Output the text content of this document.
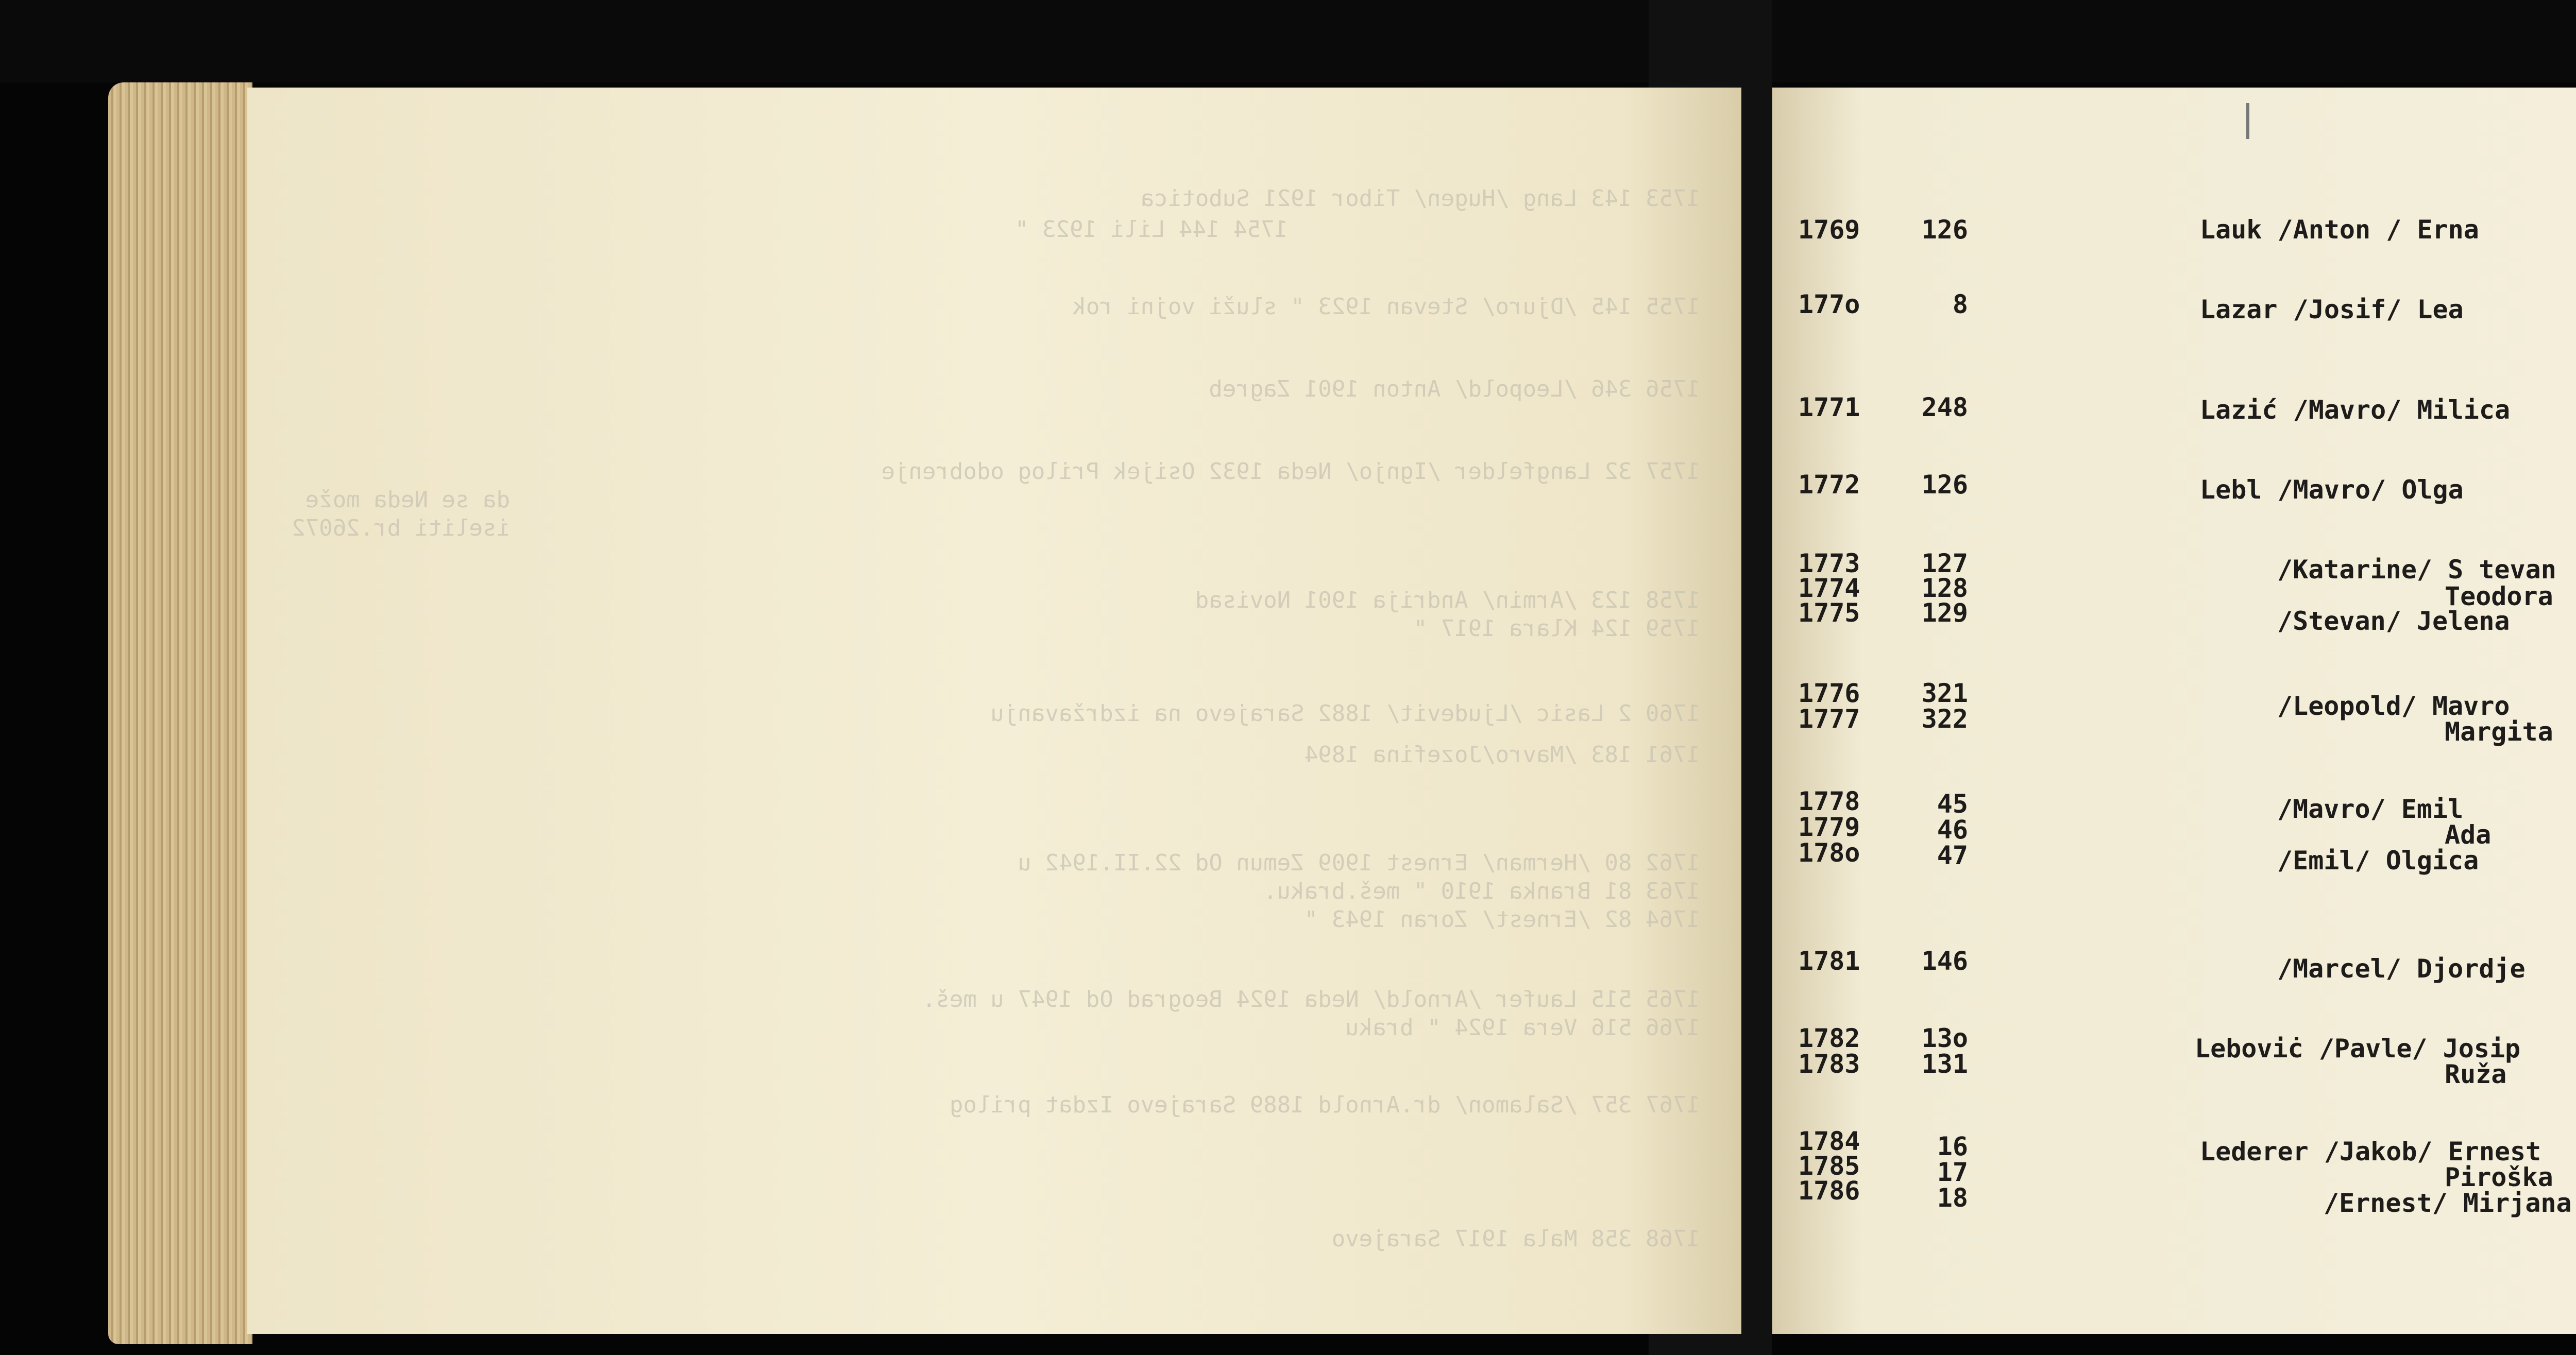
1753 143 Lang /Hugen/ Tibor 1921 Subotica
1754 144 Lili 1923 "
1755 145 /Djuro/ Stevan 1923 " služi vojni rok
1756 346 /Leopold/ Anton 1901 Zagreb
1757 32 Langfelder /Ignjo/ Neda 1932 Osijek Prilog odobrenje
da se Neda može
iseliti br.26072
1758 123 /Armin/ Andrija 1901 Novisad
1759 124 Klara 1917 "
1760 2 Lasic /Ljudevit/ 1882 Sarajevo na izdržavanju
1761 183 /Mavro/Jozefina 1894
1762 80 /Herman/ Ernest 1909 Zemun Od 22.II.1942 u
1763 81 Branka 1910 " meš.braku.
1764 82 /Ernest/ Zoran 1943 "
1765 515 Laufer /Arnold/ Neda 1924 Beograd Od 1947 u meš.
1766 516 Vera 1924 " braku
1767 357 /Salamon/ dr.Arnold 1889 Sarajevo Izdat prilog
1768 358 Mala 1917 Sarajevo
1769	126	Lauk /Anton / Erna
177o	8	Lazar /Josif/ Lea
1771	248	Lazić /Mavro/ Milica
1772	126	Lebl /Mavro/ Olga
1773	127	/Katarine/ S tevan
1774	128	Teodora
1775	129	/Stevan/ Jelena
1776	321	/Leopold/ Mavro
1777	322	Margita
1778	45	/Mavro/ Emil
1779	46	Ada
178o	47	/Emil/ Olgica
1781	146	/Marcel/ Djordje
1782	13o	Leboviċ /Pavle/ Josip
1783	131	Ruža
1784	16	Lederer /Jakob/ Ernest
1785	17	Piroška
1786	18	/Ernest/ Mirjana
